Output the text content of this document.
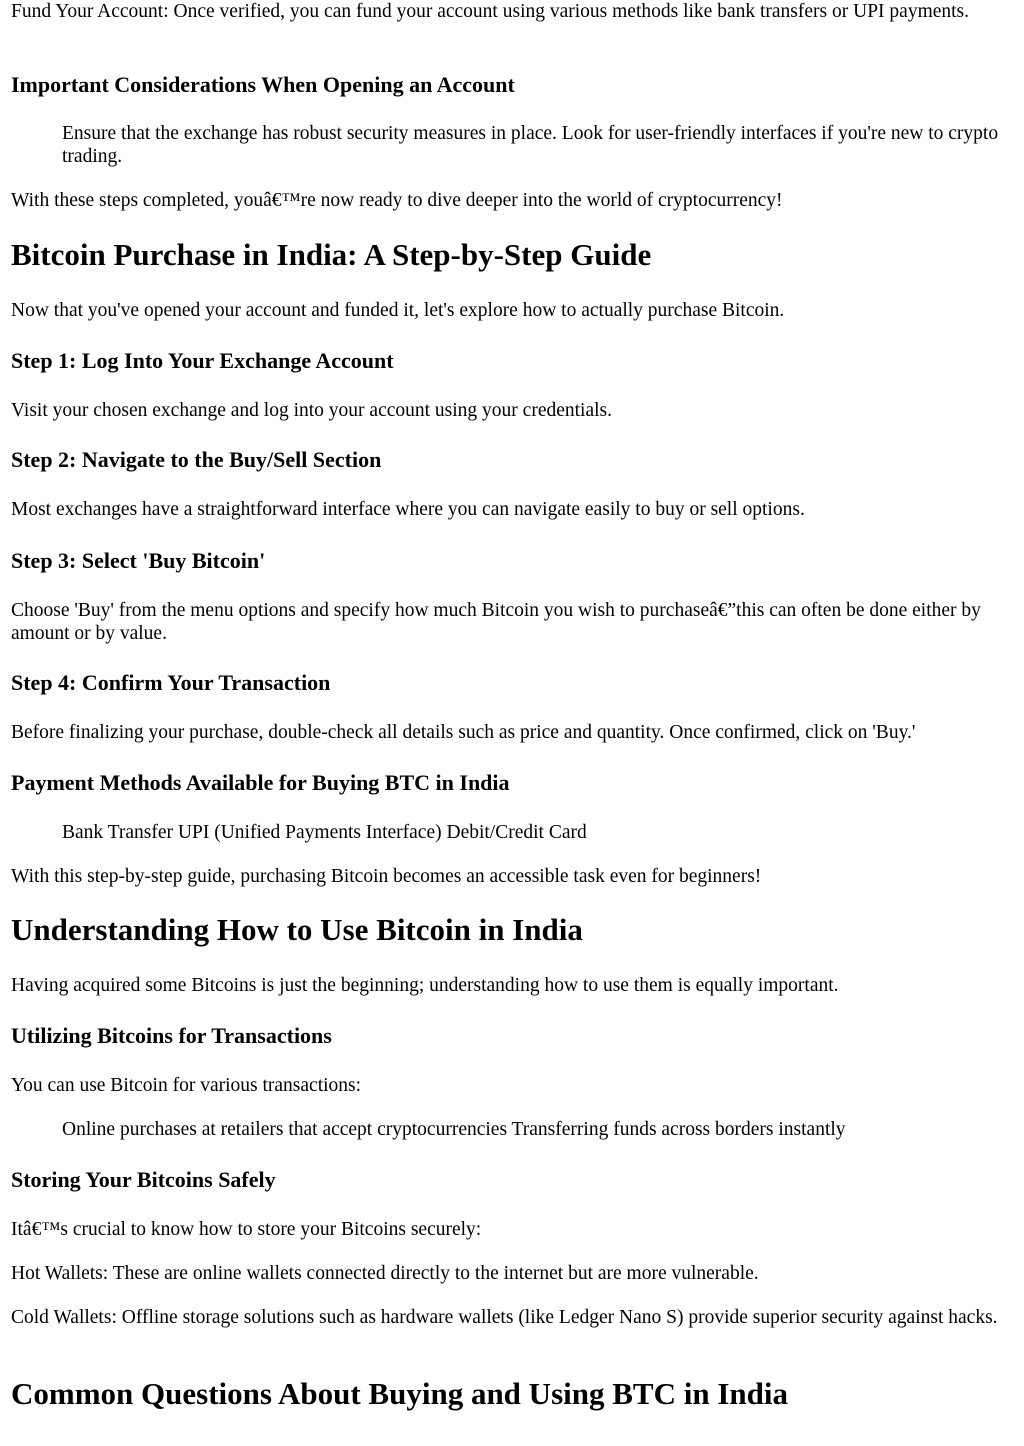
Fund Your Account: Once verified, you can fund your account using various methods like bank transfers or UPI payments.

Important Considerations When Opening an Account

Ensure that the exchange has robust security measures in place. Look for user-friendly interfaces if you're new to crypto trading.

With these steps completed, youâ€™re now ready to dive deeper into the world of cryptocurrency!

Bitcoin Purchase in India: A Step-by-Step Guide

Now that you've opened your account and funded it, let's explore how to actually purchase Bitcoin.

Step 1: Log Into Your Exchange Account

Visit your chosen exchange and log into your account using your credentials.

Step 2: Navigate to the Buy/Sell Section

Most exchanges have a straightforward interface where you can navigate easily to buy or sell options.

Step 3: Select 'Buy Bitcoin'

Choose 'Buy' from the menu options and specify how much Bitcoin you wish to purchaseâ€”this can often be done either by amount or by value.

Step 4: Confirm Your Transaction

Before finalizing your purchase, double-check all details such as price and quantity. Once confirmed, click on 'Buy.'

Payment Methods Available for Buying BTC in India

Bank Transfer UPI (Unified Payments Interface) Debit/Credit Card

With this step-by-step guide, purchasing Bitcoin becomes an accessible task even for beginners!

Understanding How to Use Bitcoin in India

Having acquired some Bitcoins is just the beginning; understanding how to use them is equally important.

Utilizing Bitcoins for Transactions

You can use Bitcoin for various transactions:

Online purchases at retailers that accept cryptocurrencies Transferring funds across borders instantly

Storing Your Bitcoins Safely

Itâ€™s crucial to know how to store your Bitcoins securely:

Hot Wallets: These are online wallets connected directly to the internet but are more vulnerable.

Cold Wallets: Offline storage solutions such as hardware wallets (like Ledger Nano S) provide superior security against hacks.

Common Questions About Buying and Using BTC in India
